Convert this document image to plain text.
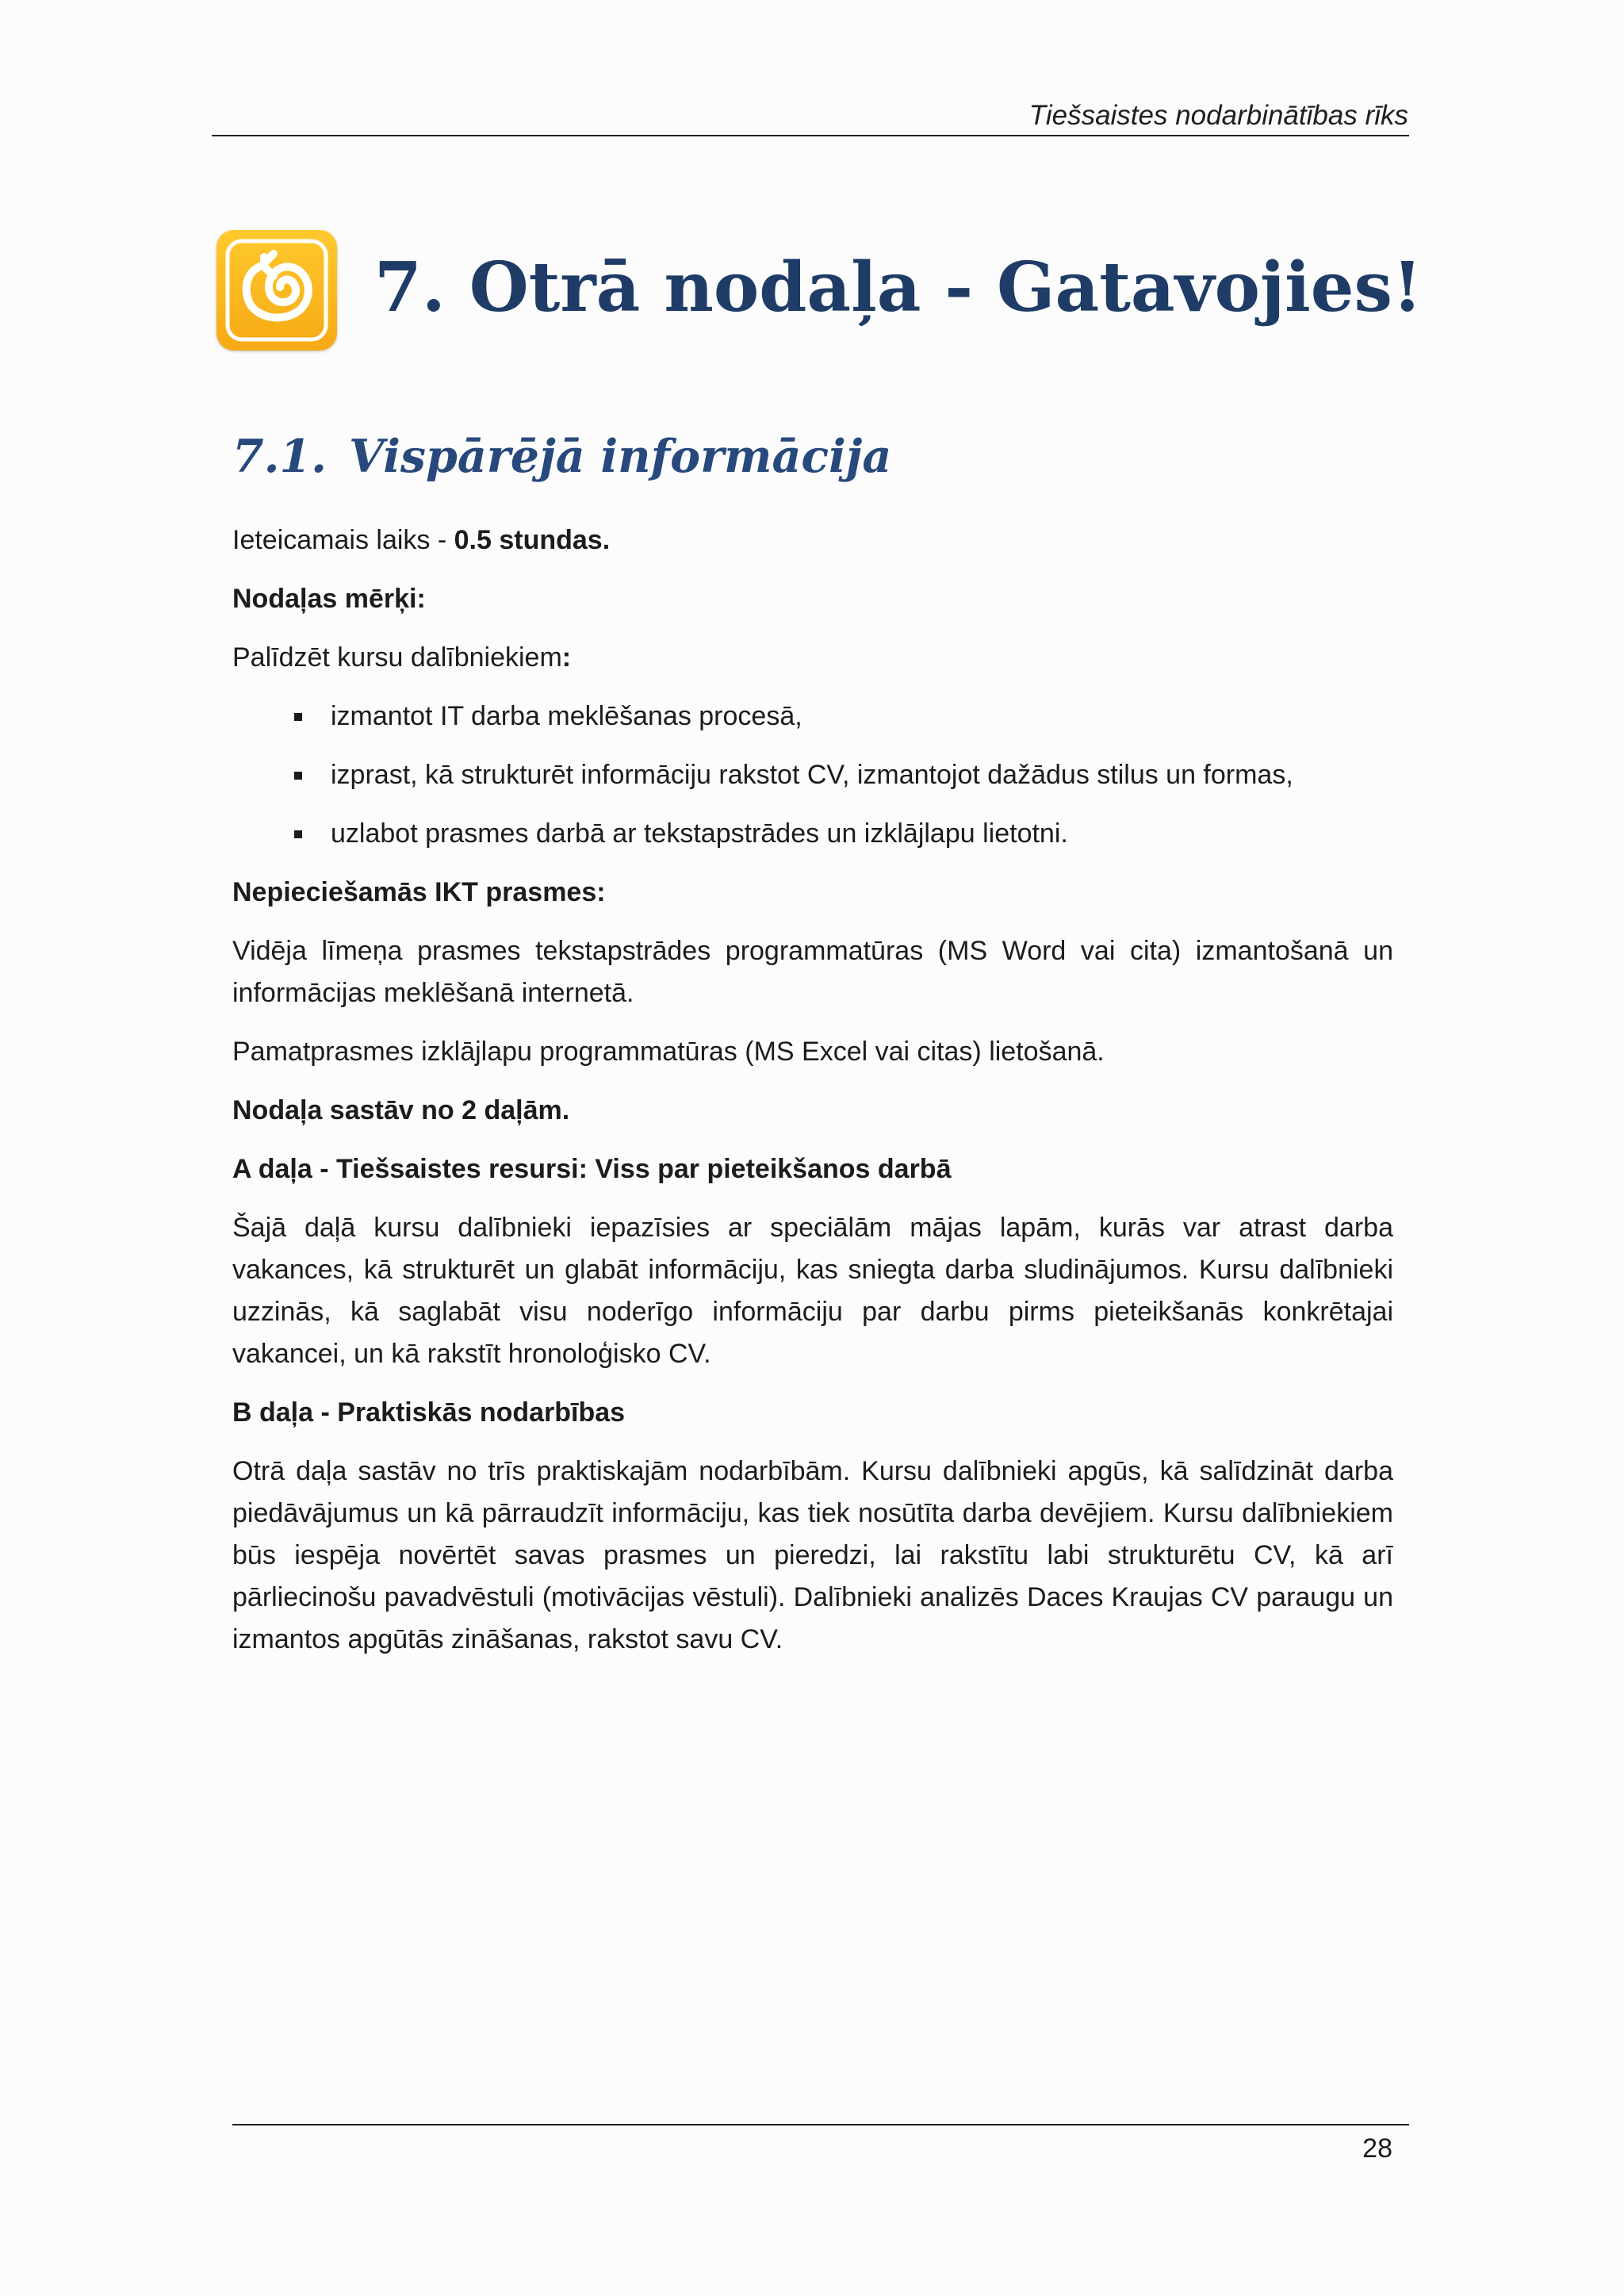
Tiešsaistes nodarbinātības rīks
7. Otrā nodaļa - Gatavojies!
7.1. Vispārējā informācija

Ieteicamais laiks - 0.5 stundas.

Nodaļas mērķi:

Palīdzēt kursu dalībniekiem:

izmantot IT darba meklēšanas procesā,
izprast, kā strukturēt informāciju rakstot CV, izmantojot dažādus stilus un formas,
uzlabot prasmes darbā ar tekstapstrādes un izklājlapu lietotni.

Nepieciešamās IKT prasmes:

Vidēja līmeņa prasmes tekstapstrādes programmatūras (MS Word vai cita) izmantošanā un informācijas meklēšanā internetā.

Pamatprasmes izklājlapu programmatūras (MS Excel vai citas) lietošanā.

Nodaļa sastāv no 2 daļām.

A daļa - Tiešsaistes resursi: Viss par pieteikšanos darbā

Šajā daļā kursu dalībnieki iepazīsies ar speciālām mājas lapām, kurās var atrast darba vakances, kā strukturēt un glabāt informāciju, kas sniegta darba sludinājumos. Kursu dalībnieki uzzinās, kā saglabāt visu noderīgo informāciju par darbu pirms pieteikšanās konkrētajai vakancei, un kā rakstīt hronoloģisko CV.

B daļa - Praktiskās nodarbības

Otrā daļa sastāv no trīs praktiskajām nodarbībām. Kursu dalībnieki apgūs, kā salīdzināt darba piedāvājumus un kā pārraudzīt informāciju, kas tiek nosūtīta darba devējiem. Kursu dalībniekiem būs iespēja novērtēt savas prasmes un pieredzi, lai rakstītu labi strukturētu CV, kā arī pārliecinošu pavadvēstuli (motivācijas vēstuli). Dalībnieki analizēs Daces Kraujas CV paraugu un izmantos apgūtās zināšanas, rakstot savu CV.

28
